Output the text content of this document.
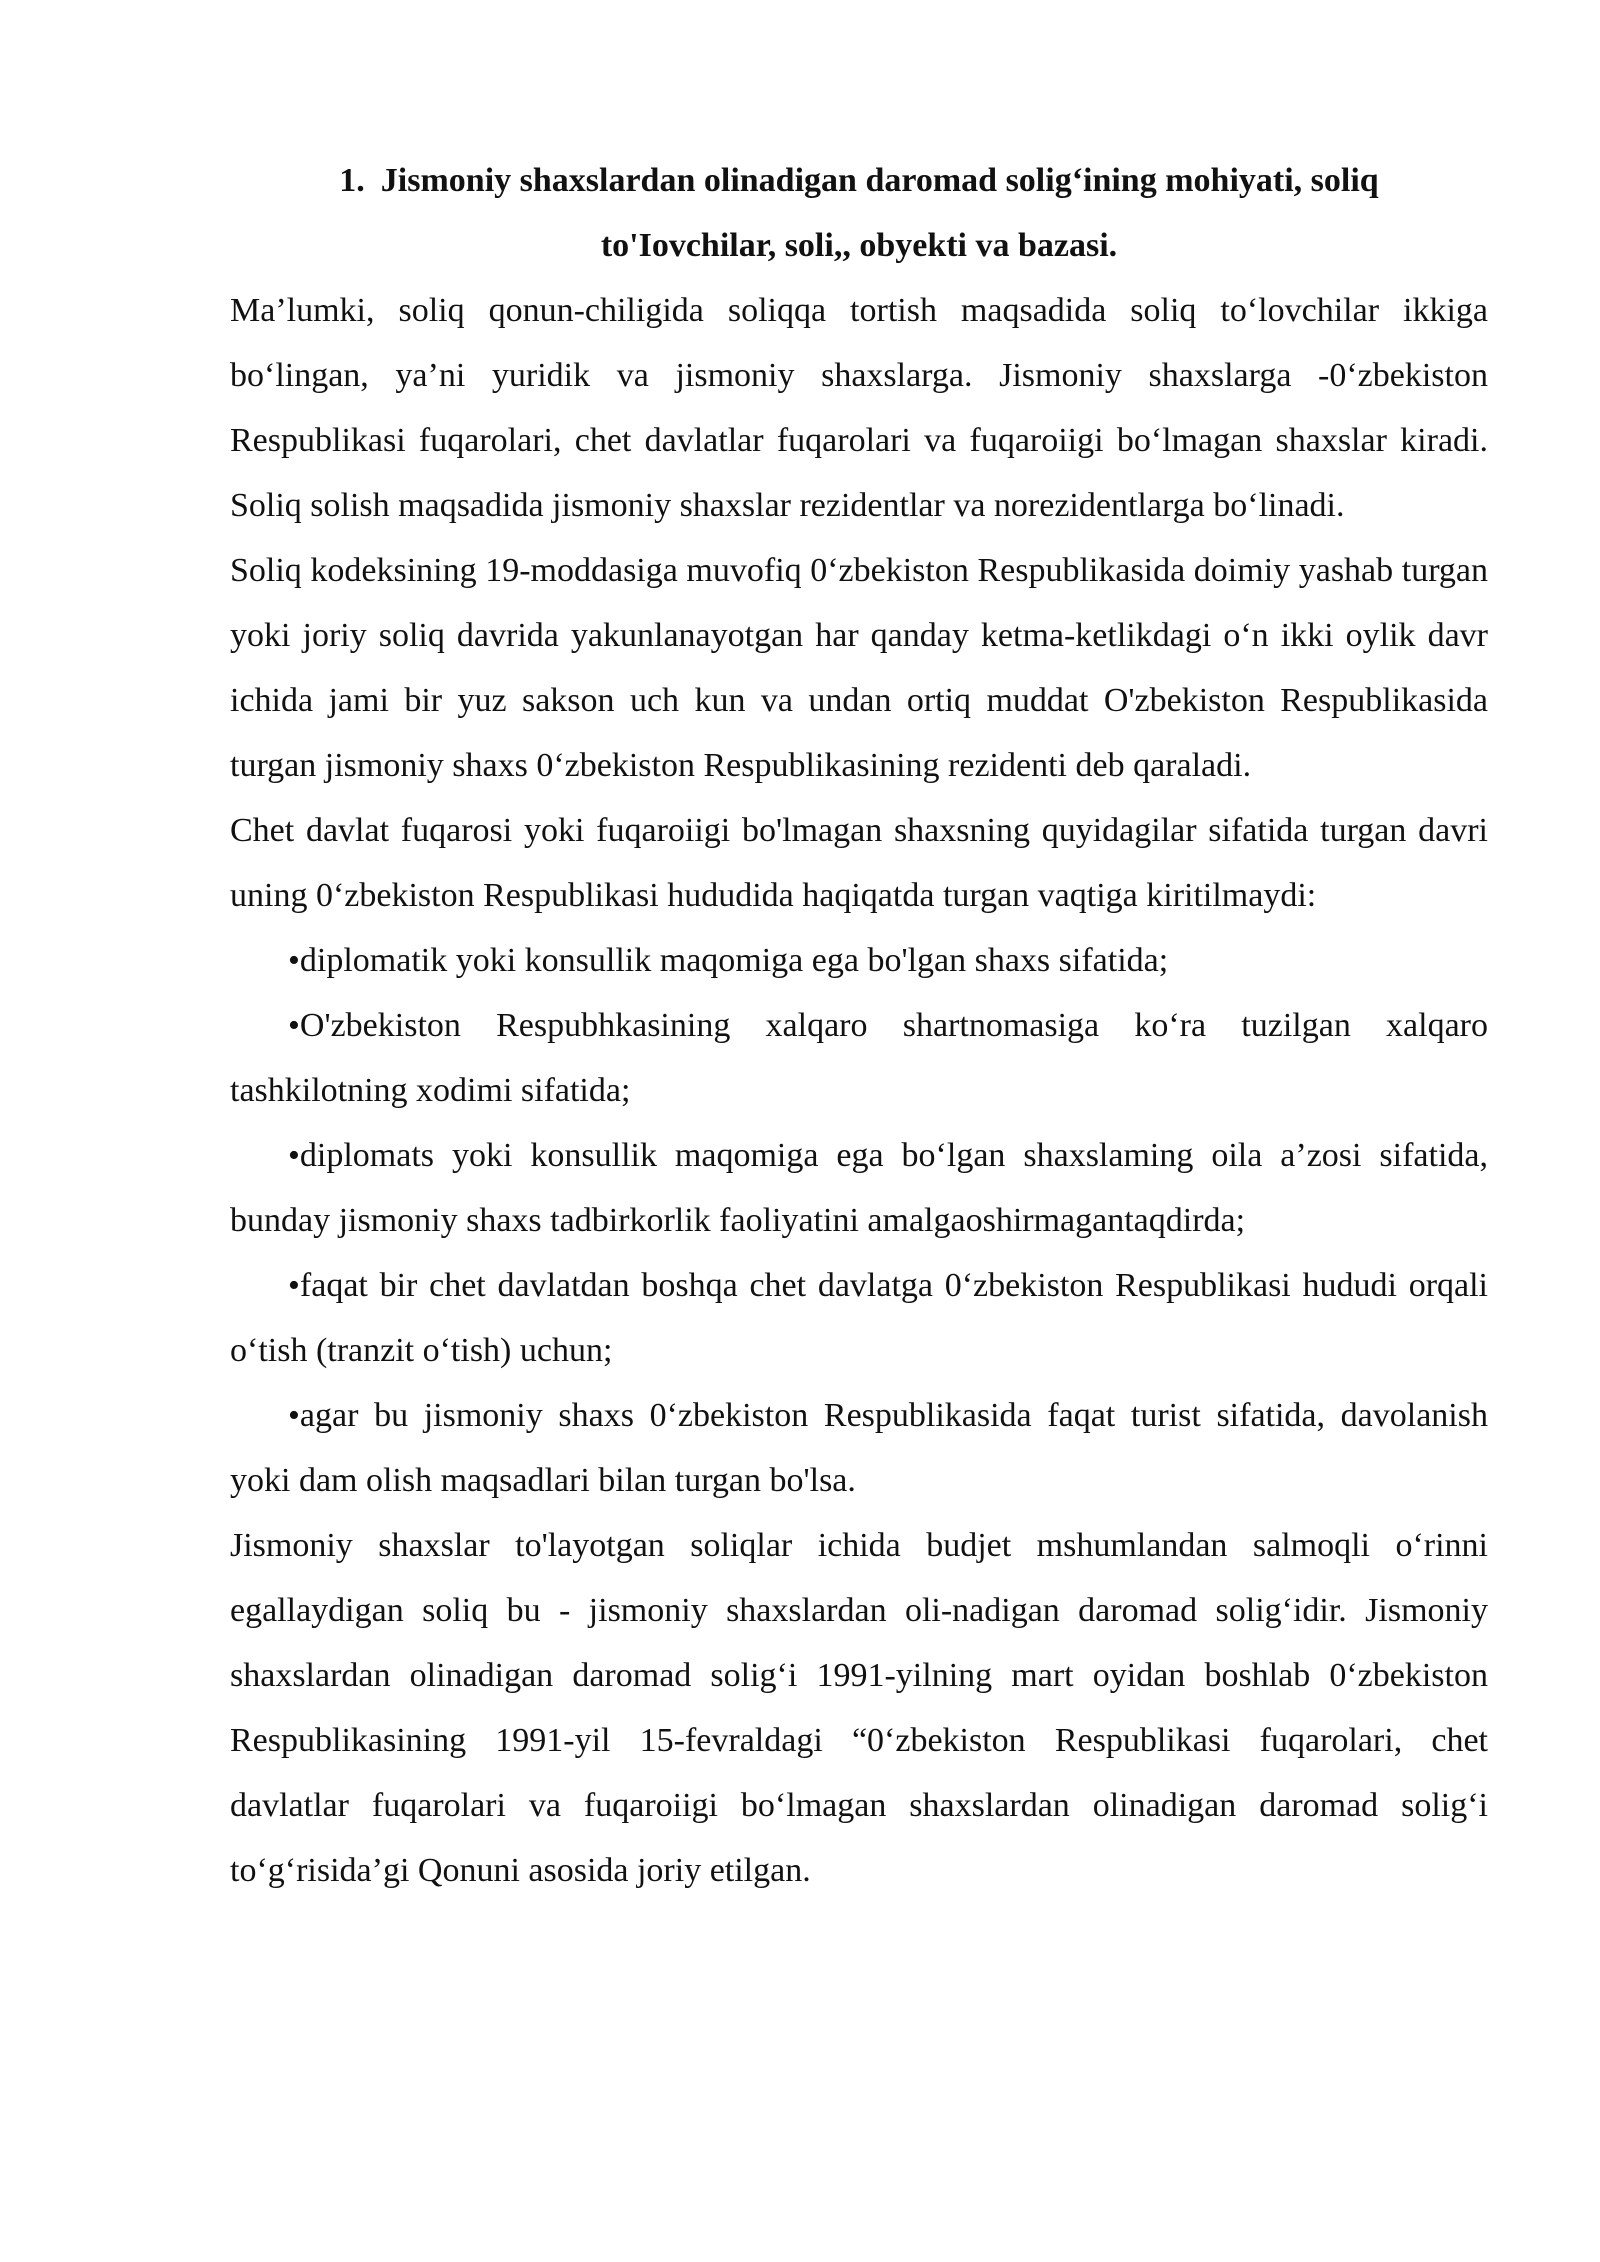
1. Jismoniy shaxslardan olinadigan daromad solig‘ining mohiyati, soliq
to'Iovchilar, soli,, obyekti va bazasi.

Ma’lumki, soliq qonun-chiligida soliqqa tortish maqsadida soliq to‘lovchilar ikkiga bo‘lingan, ya’ni yuridik va jismoniy shaxslarga. Jismoniy shaxslarga -0‘zbekiston Respublikasi fuqarolari, chet davlatlar fuqarolari va fuqaroiigi bo‘lmagan shaxslar kiradi. Soliq solish maqsadida jismoniy shaxslar rezidentlar va norezidentlarga bo‘linadi.

Soliq kodeksining 19-moddasiga muvofiq 0‘zbekiston Respublikasida doimiy yashab turgan yoki joriy soliq davrida yakunlanayotgan har qanday ketma-ketlikdagi o‘n ikki oylik davr ichida jami bir yuz sakson uch kun va undan ortiq muddat O'zbekiston Respublikasida turgan jismoniy shaxs 0‘zbekiston Respublikasining rezidenti deb qaraladi.

Chet davlat fuqarosi yoki fuqaroiigi bo'lmagan shaxsning quyidagilar sifatida turgan davri uning 0‘zbekiston Respublikasi hududida haqiqatda turgan vaqtiga kiritilmaydi:

•diplomatik yoki konsullik maqomiga ega bo'lgan shaxs sifatida;

•O'zbekiston Respubhkasining xalqaro shartnomasiga ko‘ra tuzilgan xalqaro tashkilotning xodimi sifatida;

•diplomats yoki konsullik maqomiga ega bo‘lgan shaxslaming oila a’zosi sifatida, bunday jismoniy shaxs tadbirkorlik faoliyatini amalgaoshirmagantaqdirda;

•faqat bir chet davlatdan boshqa chet davlatga 0‘zbekiston Respublikasi hududi orqali o‘tish (tranzit o‘tish) uchun;

•agar bu jismoniy shaxs 0‘zbekiston Respublikasida faqat turist sifatida, davolanish yoki dam olish maqsadlari bilan turgan bo'lsa.

Jismoniy shaxslar to'layotgan soliqlar ichida budjet mshumlandan salmoqli o‘rinni egallaydigan soliq bu - jismoniy shaxslardan oli-nadigan daromad solig‘idir. Jismoniy shaxslardan olinadigan daromad solig‘i 1991-yilning mart oyidan boshlab 0‘zbekiston Respublikasining 1991-yil 15-fevraldagi “0‘zbekiston Respublikasi fuqarolari, chet davlatlar fuqarolari va fuqaroiigi bo‘lmagan shaxslardan olinadigan daromad solig‘i to‘g‘risida’gi Qonuni asosida joriy etilgan.
